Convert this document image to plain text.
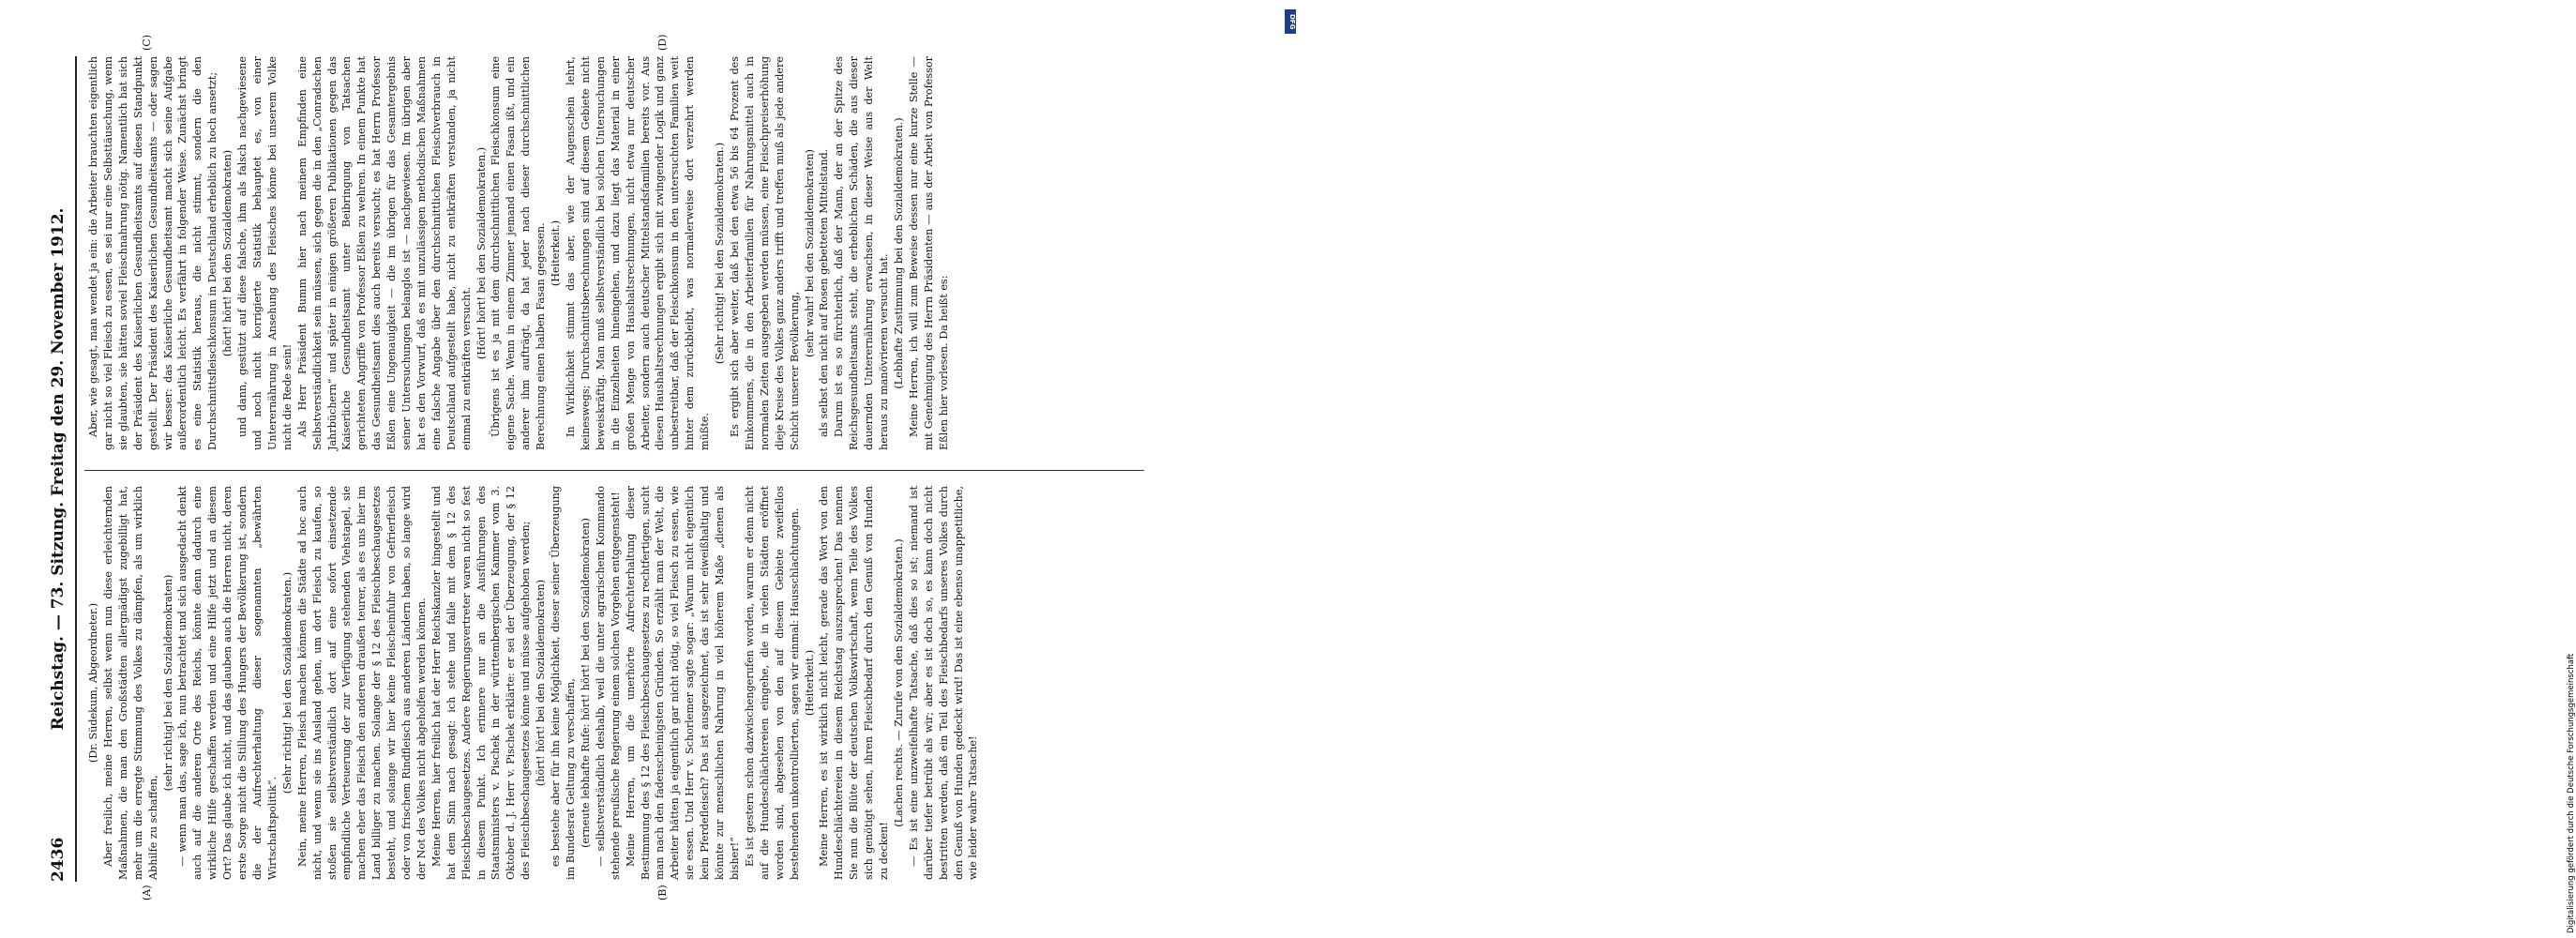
2436
Reichstag. — 73. Sitzung. Freitag den 29. November 1912.
(A)	(B)
(C)	(D)

(Dr. Südekum, Abgeordneter.) Aber freilich, meine Herren, selbst wenn nun diese erleichternden Maßnahmen, die man den Großstädten allergnädigst zugebilligt hat, mehr um die erregte Stimmung des Volkes zu dämpfen, als um wirklich Abhilfe zu schaffen,

(sehr richtig! bei den Sozialdemokraten) — wenn man das, sage ich, nun betrachtet und sich ausgedacht denkt auch auf die anderen Orte des Reichs, könnte denn dadurch eine wirkliche Hilfe geschaffen werden und eine Hilfe jetzt und an diesem Ort? Das glaube ich nicht, und das glauben auch die Herren nicht, deren erste Sorge nicht die Stillung des Hungers der Bevölkerung ist, sondern die der Aufrechterhaltung dieser sogenannten „bewährten Wirtschaftspolitik“.

(Sehr richtig! bei den Sozialdemokraten.) Nein, meine Herren, Fleisch machen können die Städte ad hoc auch nicht, und wenn sie ins Ausland gehen, um dort Fleisch zu kaufen, so stoßen sie selbstverständlich dort auf eine sofort einsetzende empfindliche Verteuerung der zur Verfügung stehenden Viehstapel, sie machen eher das Fleisch den anderen draußen teurer, als es uns hier im Land billiger zu machen. Solange der § 12 des Fleischbeschaugesetzes besteht, und solange wir hier keine Fleischeinfuhr von Gefrierfleisch oder von frischem Rindfleisch aus anderen Ländern haben, so lange wird der Not des Volkes nicht abgeholfen werden können. Meine Herren, hier freilich hat der Herr Reichskanzler hingestellt und hat dem Sinn nach gesagt: ich stehe und falle mit dem § 12 des Fleischbeschaugesetzes. Andere Regierungsvertreter waren nicht so fest in diesem Punkt. Ich erinnere nur an die Ausführungen des Staatsministers v. Pischek in der württembergischen Kammer vom 3. Oktober d. J. Herr v. Pischek erklärte: er sei der Überzeugung, der § 12 des Fleischbeschaugesetzes könne und müsse aufgehoben werden; (hört! hört! bei den Sozialdemokraten) es bestehe aber für ihn keine Möglichkeit, dieser seiner Überzeugung im Bundesrat Geltung zu verschaffen, (erneute lebhafte Rufe: hört! hört! bei den Sozialdemokraten) — selbstverständlich deshalb, weil die unter agrarischem Kommando stehende preußische Regierung einem solchen Vorgehen entgegensteht! Meine Herren, um die unerhörte Aufrechterhaltung dieser Bestimmung des § 12 des Fleischbeschaugesetzes zu rechtfertigen, sucht man nach den fadenscheinigsten Gründen. So erzählt man der Welt, die Arbeiter hätten ja eigentlich gar nicht nötig, so viel Fleisch zu essen, wie sie essen. Und Herr v. Schorlemer sagte sogar: „Warum nicht eigentlich kein Pferdefleisch? Das ist ausgezeichnet, das ist sehr eiweißhaltig und könnte zur menschlichen Nahrung in viel höherem Maße „dienen als bisher!“ Es ist gestern schon dazwischengerufen worden, warum er denn nicht auf die Hundeschlächtereien eingehe, die in vielen Städten eröffnet worden sind, abgesehen von den auf diesem Gebiete zweifellos bestehenden unkontrollierten, sagen wir einmal: Hausschlachtungen. (Heiterkeit.) Meine Herren, es ist wirklich nicht leicht, gerade das Wort von den Hundeschlächtereien in diesem Reichstag auszusprechen! Das nennen Sie nun die Blüte der deutschen Volkswirtschaft, wenn Teile des Volkes sich genötigt sehen, ihren Fleischbedarf durch den Genuß von Hunden zu decken!

(Lachen rechts. — Zurufe von den Sozialdemokraten.) — Es ist eine unzweifelhafte Tatsache, daß dies so ist; niemand ist darüber tiefer betrübt als wir; aber es ist doch so, es kann doch nicht bestritten werden, daß ein Teil des Fleischbedarfs unseres Volkes durch den Genuß von Hunden gedeckt wird! Das ist eine ebenso unappetitliche, wie leider wahre Tatsache!

Aber, wie gesagt, man wendet ja ein: die Arbeiter brauchten eigentlich gar nicht so viel Fleisch zu essen, es sei nur eine Selbsttäuschung, wenn sie glaubten, sie hätten soviel Fleischnahrung nötig. Namentlich hat sich der Präsident des Kaiserlichen Gesundheitsamts auf diesen Standpunkt gestellt. Der Präsident des Kaiserlichen Gesundheitsamts — oder sagen wir besser: das Kaiserliche Gesundheitsamt macht sich seine Aufgabe außerordentlich leicht. Es verfährt in folgender Weise. Zunächst bringt es eine Statistik heraus, die nicht stimmt, sondern die den Durchschnittsfleischkonsum in Deutschland erheblich zu hoch ansetzt; (hört! hört! bei den Sozialdemokraten) und dann, gestützt auf diese falsche, ihm als falsch nachgewiesene und noch nicht korrigierte Statistik behauptet es, von einer Unterernährung in Ansehung des Fleisches könne bei unserem Volke nicht die Rede sein! Als Herr Präsident Bumm hier nach meinem Empfinden eine Selbstverständlichkeit sein müssen, sich gegen die in den „Conradschen Jahrbüchern“ und später in einigen größeren Publikationen gegen das Kaiserliche Gesundheitsamt unter Beibringung von Tatsachen gerichteten Angriffe von Professor Eßlen zu wehren. In einem Punkte hat das Gesundheitsamt dies auch bereits versucht; es hat Herrn Professor Eßlen eine Ungenauigkeit — die im übrigen für das Gesamtergebnis seiner Untersuchungen belanglos ist — nachgewiesen. Im übrigen aber hat es den Vorwurf, daß es mit unzulässigen methodischen Maßnahmen eine falsche Angabe über den durchschnittlichen Fleischverbrauch in Deutschland aufgestellt habe, nicht zu entkräften verstanden, ja nicht einmal zu entkräften versucht.

(Hört! hört! bei den Sozialdemokraten.) Übrigens ist es ja mit dem durchschnittlichen Fleischkonsum eine eigene Sache. Wenn in einem Zimmer jemand einen Fasan ißt, und ein anderer ihm aufträgt, da hat jeder nach dieser durchschnittlichen Berechnung einen halben Fasan gegessen. (Heiterkeit.) In Wirklichkeit stimmt das aber, wie der Augenschein lehrt, keineswegs; Durchschnittsberechnungen sind auf diesem Gebiete nicht beweiskräftig. Man muß selbstverständlich bei solchen Untersuchungen in die Einzelheiten hineingehen, und dazu liegt das Material in einer großen Menge von Haushaltsrechnungen, nicht etwa nur deutscher Arbeiter, sondern auch deutscher Mittelstandsfamilien bereits vor. Aus diesen Haushaltsrechnungen ergibt sich mit zwingender Logik und ganz unbestreitbar, daß der Fleischkonsum in den untersuchten Familien weit hinter dem zurückbleibt, was normalerweise dort verzehrt werden müßte.

(Sehr richtig! bei den Sozialdemokraten.) Es ergibt sich aber weiter, daß bei den etwa 56 bis 64 Prozent des Einkommens, die in den Arbeiterfamilien für Nahrungsmittel auch in normalen Zeiten ausgegeben werden müssen, eine Fleischpreiserhöhung dieje Kreise des Volkes ganz anders trifft und treffen muß als jede andere Schicht unserer Bevölkerung,

(sehr wahr! bei den Sozialdemokraten) als selbst den nicht auf Rosen gebetteten Mittelstand. Darum ist es so fürchterlich, daß der Mann, der an der Spitze des Reichsgesundheitsamts steht, die erheblichen Schäden, die aus dieser dauernden Unterernährung erwachsen, in dieser Weise aus der Welt heraus zu manövrieren versucht hat. (Lebhafte Zustimmung bei den Sozialdemokraten.) Meine Herren, ich will zum Beweise dessen nur eine kurze Stelle — mit Genehmigung des Herrn Präsidenten — aus der Arbeit von Professor Eßlen hier vorlesen. Da heißt es:

DFG
Digitalisierung gefördert durch die Deutsche Forschungsgemeinschaft
